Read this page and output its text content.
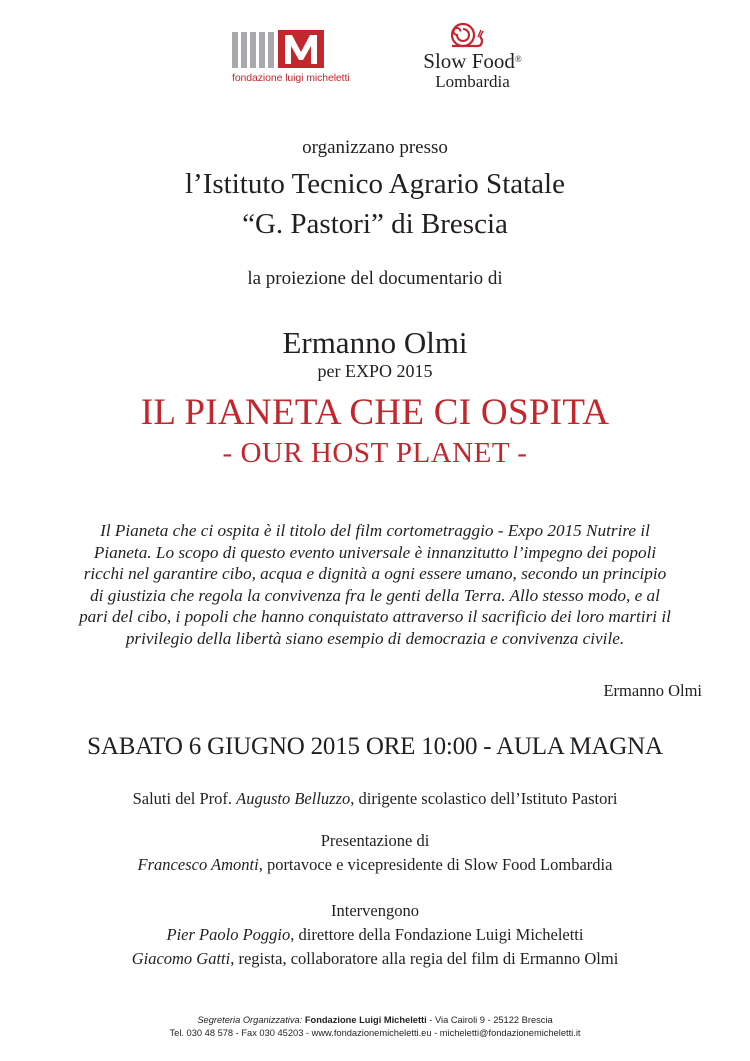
fondazione luigi micheletti
Slow Food®
Lombardia
organizzano presso
l’Istituto Tecnico Agrario Statale
“G. Pastori” di Brescia
la proiezione del documentario di
Ermanno Olmi
per EXPO 2015
IL PIANETA CHE CI OSPITA
- OUR HOST PLANET -
Il Pianeta che ci ospita è il titolo del film cortometraggio - Expo 2015 Nutrire il
Pianeta. Lo scopo di questo evento universale è innanzitutto l’impegno dei popoli
ricchi nel garantire cibo, acqua e dignità a ogni essere umano, secondo un principio
di giustizia che regola la convivenza fra le genti della Terra. Allo stesso modo, e al
pari del cibo, i popoli che hanno conquistato attraverso il sacrificio dei loro martiri il
privilegio della libertà siano esempio di democrazia e convivenza civile.
Ermanno Olmi
SABATO 6 GIUGNO 2015 ORE 10:00 - AULA MAGNA
Saluti del Prof. Augusto Belluzzo, dirigente scolastico dell’Istituto Pastori
Presentazione di
Francesco Amonti, portavoce e vicepresidente di Slow Food Lombardia
Intervengono
Pier Paolo Poggio, direttore della Fondazione Luigi Micheletti
Giacomo Gatti, regista, collaboratore alla regia del film di Ermanno Olmi
Segreteria Organizzativa: Fondazione Luigi Micheletti - Via Cairoli 9 - 25122 Brescia
Tel. 030 48 578 - Fax 030 45203 - www.fondazionemicheletti.eu - micheletti@fondazionemicheletti.it
